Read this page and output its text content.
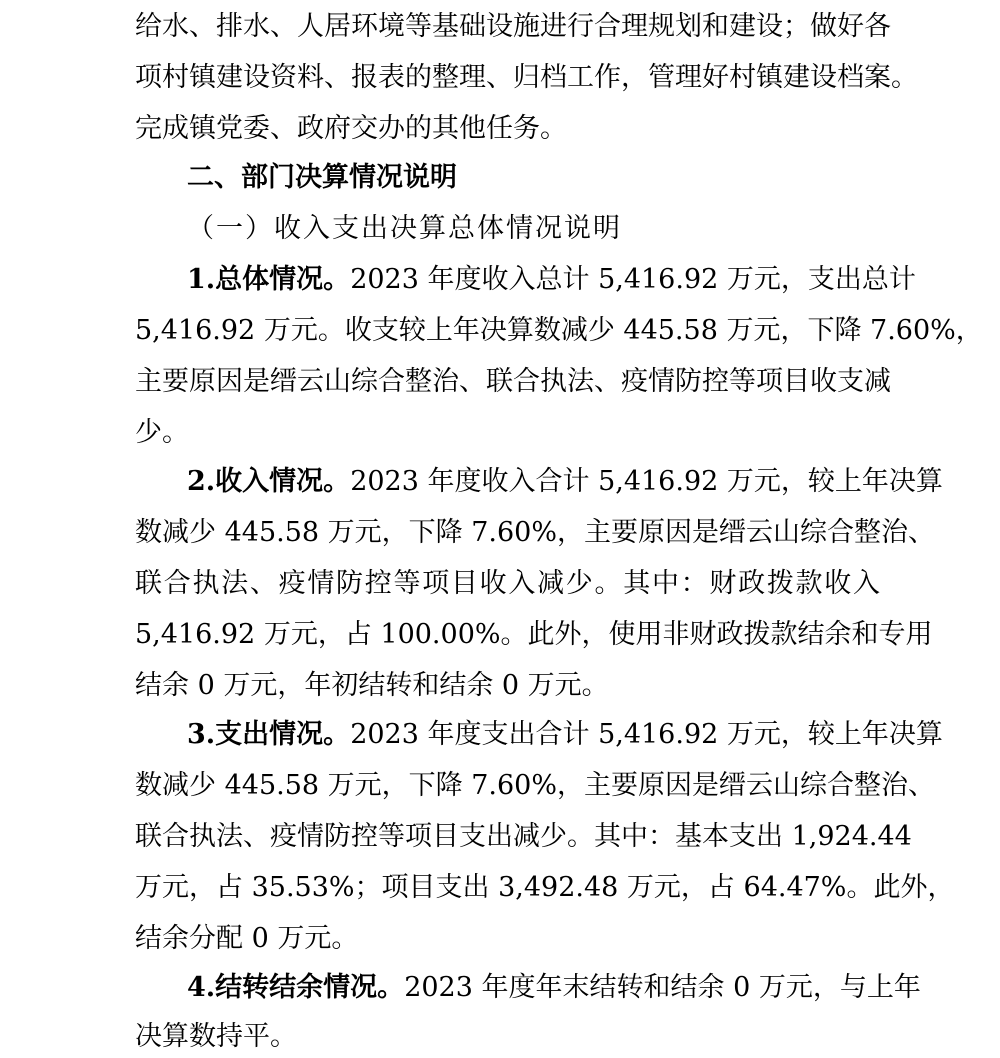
给水、排水、人居环境等基础设施进行合理规划和建设；做好各
项村镇建设资料、报表的整理、归档工作，管理好村镇建设档案。
完成镇党委、政府交办的其他任务。
二、部门决算情况说明
（一）收入支出决算总体情况说明
1.总体情况。2023 年度收入总计 5,416.92 万元，支出总计
5,416.92 万元。收支较上年决算数减少 445.58 万元，下降 7.60%，
主要原因是缙云山综合整治、联合执法、疫情防控等项目收支减
少。
2.收入情况。2023 年度收入合计 5,416.92 万元，较上年决算
数减少 445.58 万元，下降 7.60%，主要原因是缙云山综合整治、
联合执法、疫情防控等项目收入减少。其中：财政拨款收入
5,416.92 万元，占 100.00%。此外，使用非财政拨款结余和专用
结余 0 万元，年初结转和结余 0 万元。
3.支出情况。2023 年度支出合计 5,416.92 万元，较上年决算
数减少 445.58 万元，下降 7.60%，主要原因是缙云山综合整治、
联合执法、疫情防控等项目支出减少。其中：基本支出 1,924.44
万元，占 35.53%；项目支出 3,492.48 万元，占 64.47%。此外，
结余分配 0 万元。
4.结转结余情况。2023 年度年末结转和结余 0 万元，与上年
决算数持平。
